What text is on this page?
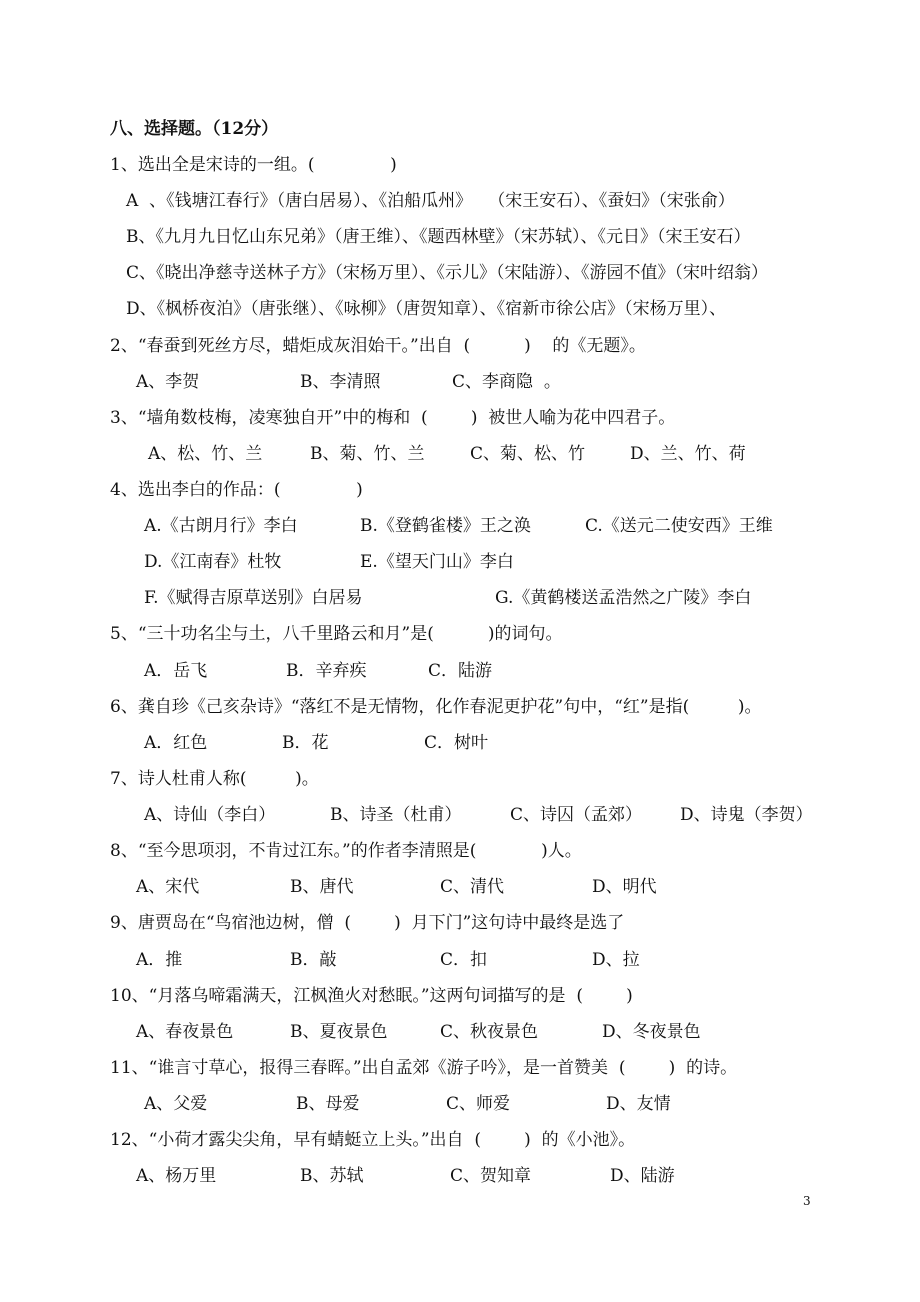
八、选择题。（12分）
1、选出全是宋诗的一组。(              )
A  、《钱塘江春行》（唐白居易）、《泊船瓜州》   （宋王安石）、《蚕妇》（宋张俞）
B、《九月九日忆山东兄弟》（唐王维）、《题西林壁》（宋苏轼）、《元日》（宋王安石）
C、《晓出净慈寺送林子方》（宋杨万里）、《示儿》（宋陆游）、《游园不值》（宋叶绍翁）
D、《枫桥夜泊》（唐张继）、《咏柳》（唐贺知章）、《宿新市徐公店》（宋杨万里）、
2、“春蚕到死丝方尽，蜡炬成灰泪始干。”出自  (          )    的《无题》。
A、李贺	B、李清照	C、李商隐  。
3、“墙角数枝梅，凌寒独自开”中的梅和  (        )  被世人喻为花中四君子。
A、松、竹、兰	B、菊、竹、兰	C、菊、松、竹	D、兰、竹、荷
4、选出李白的作品：(              )
A.《古朗月行》李白	B.《登鹤雀楼》王之涣	C.《送元二使安西》王维
D.《江南春》杜牧	E.《望天门山》李白
F.《赋得吉原草送别》白居易	G.《黄鹤楼送孟浩然之广陵》李白
5、“三十功名尘与土，八千里路云和月”是(          )的词句。
A．岳飞	B．辛弃疾	C．陆游
6、龚自珍《己亥杂诗》“落红不是无情物，化作春泥更护花”句中，“红”是指(         )。
A．红色	B．花	C．树叶
7、诗人杜甫人称(         )。
A、诗仙（李白）	B、诗圣（杜甫）	C、诗囚（孟郊） D、诗鬼（李贺）
8、“至今思项羽，不肯过江东。”的作者李清照是(            )人。
A、宋代	B、唐代	C、清代	D、明代
9、唐贾岛在“鸟宿池边树，僧  (        )  月下门”这句诗中最终是选了
A．推	B．敲	C．扣	D、拉
10、“月落乌啼霜满天，江枫渔火对愁眠。”这两句词描写的是  (        )
A、春夜景色	B、夏夜景色	C、秋夜景色	D、冬夜景色
11、“谁言寸草心，报得三春晖。”出自孟郊《游子吟》，是一首赞美  (        )  的诗。
A、父爱	B、母爱	C、师爱	D、友情
12、“小荷才露尖尖角，早有蜻蜓立上头。”出自  (        )  的《小池》。
A、杨万里	B、苏轼	C、贺知章	D、陆游
3
